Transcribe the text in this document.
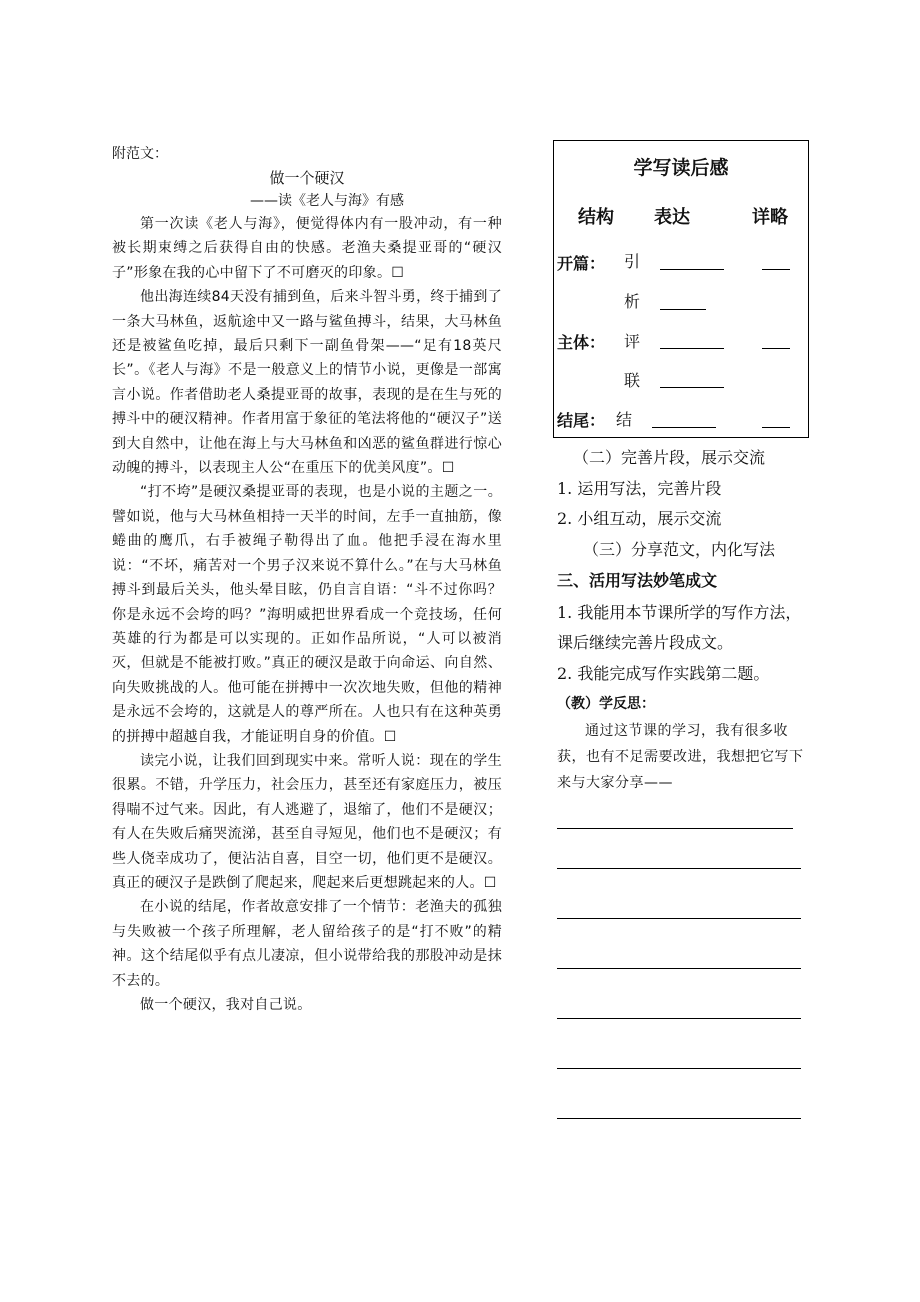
附范文：
做一个硬汉
——读《老人与海》有感

第一次读《老人与海》，便觉得体内有一股冲动，有一种被长期束缚之后获得自由的快感。老渔夫桑提亚哥的“硬汉子”形象在我的心中留下了不可磨灭的印象。☐

他出海连续84天没有捕到鱼，后来斗智斗勇，终于捕到了一条大马林鱼，返航途中又一路与鲨鱼搏斗，结果，大马林鱼还是被鲨鱼吃掉，最后只剩下一副鱼骨架——“足有18英尺长”。《老人与海》不是一般意义上的情节小说，更像是一部寓言小说。作者借助老人桑提亚哥的故事，表现的是在生与死的搏斗中的硬汉精神。作者用富于象征的笔法将他的“硬汉子”送到大自然中，让他在海上与大马林鱼和凶恶的鲨鱼群进行惊心动魄的搏斗，以表现主人公“在重压下的优美风度”。☐

“打不垮”是硬汉桑提亚哥的表现，也是小说的主题之一。譬如说，他与大马林鱼相持一天半的时间，左手一直抽筋，像蜷曲的鹰爪，右手被绳子勒得出了血。他把手浸在海水里说：“不坏，痛苦对一个男子汉来说不算什么。”在与大马林鱼搏斗到最后关头，他头晕目眩，仍自言自语：“斗不过你吗？你是永远不会垮的吗？”海明威把世界看成一个竞技场，任何英雄的行为都是可以实现的。正如作品所说，“人可以被消灭，但就是不能被打败。”真正的硬汉是敢于向命运、向自然、向失败挑战的人。他可能在拼搏中一次次地失败，但他的精神是永远不会垮的，这就是人的尊严所在。人也只有在这种英勇的拼搏中超越自我，才能证明自身的价值。☐

读完小说，让我们回到现实中来。常听人说：现在的学生很累。不错，升学压力，社会压力，甚至还有家庭压力，被压得喘不过气来。因此，有人逃避了，退缩了，他们不是硬汉；有人在失败后痛哭流涕，甚至自寻短见，他们也不是硬汉；有些人侥幸成功了，便沾沾自喜，目空一切，他们更不是硬汉。真正的硬汉子是跌倒了爬起来，爬起来后更想跳起来的人。☐

在小说的结尾，作者故意安排了一个情节：老渔夫的孤独与失败被一个孩子所理解，老人留给孩子的是“打不败”的精神。这个结尾似乎有点儿凄凉，但小说带给我的那股冲动是抹不去的。

做一个硬汉，我对自己说。

学写读后感
结构 表达	详略
开篇： 引
析
主体： 评
联
结尾： 结
（二）完善片段，展示交流
1. 运用写法，完善片段
2. 小组互动，展示交流
（三）分享范文，内化写法
三、活用写法妙笔成文
1. 我能用本节课所学的写作方法，课后继续完善片段成文。
2. 我能完成写作实践第二题。
（教）学反思：
通过这节课的学习，我有很多收获，也有不足需要改进，我想把它写下来与大家分享——
